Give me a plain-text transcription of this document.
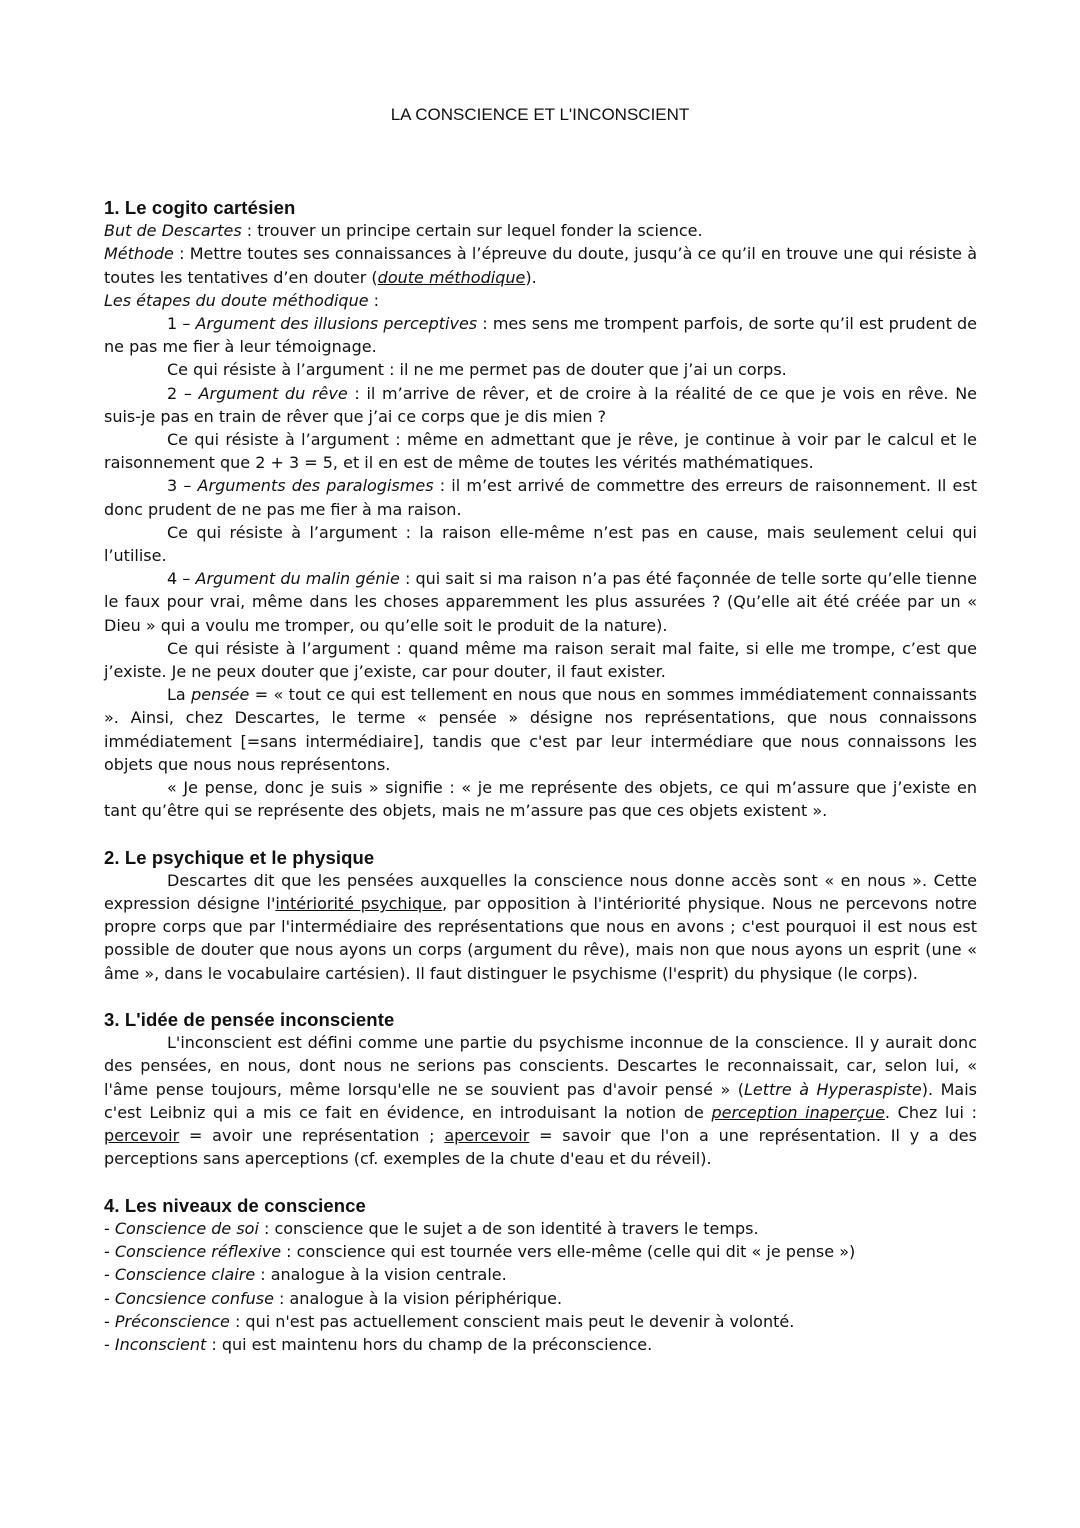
LA CONSCIENCE ET L'INCONSCIENT
1. Le cogito cartésien

But de Descartes : trouver un principe certain sur lequel fonder la science.

Méthode : Mettre toutes ses connaissances à l’épreuve du doute, jusqu’à ce qu’il en trouve une qui résiste à toutes les tentatives d’en douter (doute méthodique).

Les étapes du doute méthodique :

1 – Argument des illusions perceptives : mes sens me trompent parfois, de sorte qu’il est prudent de ne pas me fier à leur témoignage.

Ce qui résiste à l’argument : il ne me permet pas de douter que j’ai un corps.

2 – Argument du rêve : il m’arrive de rêver, et de croire à la réalité de ce que je vois en rêve. Ne suis-je pas en train de rêver que j’ai ce corps que je dis mien ?

Ce qui résiste à l’argument : même en admettant que je rêve, je continue à voir par le calcul et le raisonnement que 2 + 3 = 5, et il en est de même de toutes les vérités mathématiques.

3 – Arguments des paralogismes : il m’est arrivé de commettre des erreurs de raisonnement. Il est donc prudent de ne pas me fier à ma raison.

Ce qui résiste à l’argument : la raison elle-même n’est pas en cause, mais seulement celui qui l’utilise.

4 – Argument du malin génie : qui sait si ma raison n’a pas été façonnée de telle sorte qu’elle tienne le faux pour vrai, même dans les choses apparemment les plus assurées ? (Qu’elle ait été créée par un « Dieu » qui a voulu me tromper, ou qu’elle soit le produit de la nature).

Ce qui résiste à l’argument : quand même ma raison serait mal faite, si elle me trompe, c’est que j’existe. Je ne peux douter que j’existe, car pour douter, il faut exister.

La pensée = « tout ce qui est tellement en nous que nous en sommes immédiatement connaissants ». Ainsi, chez Descartes, le terme « pensée » désigne nos représentations, que nous connaissons immédiatement [=sans intermédiaire], tandis que c'est par leur intermédiare que nous connaissons les objets que nous nous représentons.

« Je pense, donc je suis » signifie : « je me représente des objets, ce qui m’assure que j’existe en tant qu’être qui se représente des objets, mais ne m’assure pas que ces objets existent ».

2. Le psychique et le physique

Descartes dit que les pensées auxquelles la conscience nous donne accès sont « en nous ». Cette expression désigne l'intériorité psychique, par opposition à l'intériorité physique. Nous ne percevons notre propre corps que par l'intermédiaire des représentations que nous en avons ; c'est pourquoi il est nous est possible de douter que nous ayons un corps (argument du rêve), mais non que nous ayons un esprit (une « âme », dans le vocabulaire cartésien). Il faut distinguer le psychisme (l'esprit) du physique (le corps).

3. L'idée de pensée inconsciente

L'inconscient est défini comme une partie du psychisme inconnue de la conscience. Il y aurait donc des pensées, en nous, dont nous ne serions pas conscients. Descartes le reconnaissait, car, selon lui, « l'âme pense toujours, même lorsqu'elle ne se souvient pas d'avoir pensé » (Lettre à Hyperaspiste). Mais c'est Leibniz qui a mis ce fait en évidence, en introduisant la notion de perception inaperçue. Chez lui : percevoir = avoir une représentation ; apercevoir = savoir que l'on a une représentation. Il y a des perceptions sans aperceptions (cf. exemples de la chute d'eau et du réveil).

4. Les niveaux de conscience
- Conscience de soi : conscience que le sujet a de son identité à travers le temps.
- Conscience réflexive : conscience qui est tournée vers elle-même (celle qui dit « je pense »)
- Conscience claire : analogue à la vision centrale.
- Concsience confuse : analogue à la vision périphérique.
- Préconscience : qui n'est pas actuellement conscient mais peut le devenir à volonté.
- Inconscient : qui est maintenu hors du champ de la préconscience.
